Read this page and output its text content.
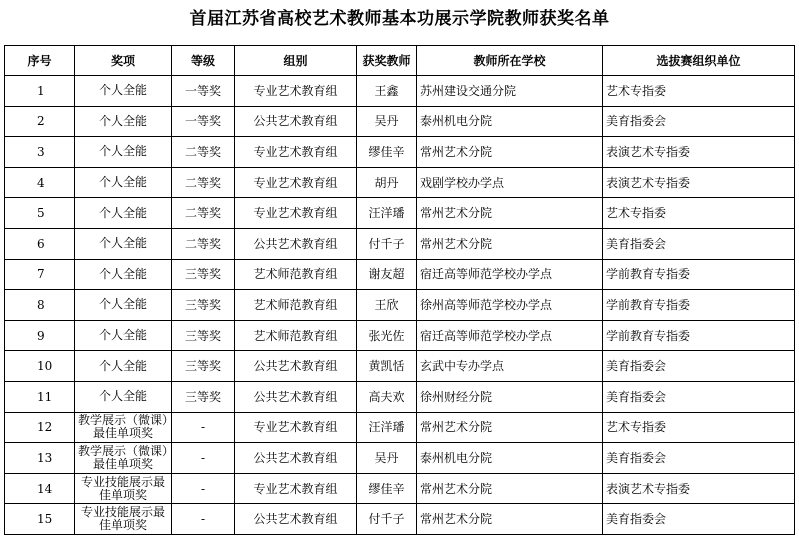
首届江苏省高校艺术教师基本功展示学院教师获奖名单
序号	奖项	等级	组别	获奖教师	教师所在学校	选拔赛组织单位
1	个人全能	一等奖	专业艺术教育组	王鑫	苏州建设交通分院	艺术专指委
2	个人全能	一等奖	公共艺术教育组	吴丹	泰州机电分院	美育指委会
3	个人全能	二等奖	专业艺术教育组	缪佳辛	常州艺术分院	表演艺术专指委
4	个人全能	二等奖	专业艺术教育组	胡丹	戏剧学校办学点	表演艺术专指委
5	个人全能	二等奖	专业艺术教育组	汪洋璠	常州艺术分院	艺术专指委
6	个人全能	二等奖	公共艺术教育组	付千子	常州艺术分院	美育指委会
7	个人全能	三等奖	艺术师范教育组	谢友超	宿迁高等师范学校办学点	学前教育专指委
8	个人全能	三等奖	艺术师范教育组	王欣	徐州高等师范学校办学点	学前教育专指委
9	个人全能	三等奖	艺术师范教育组	张光佐	宿迁高等师范学校办学点	学前教育专指委
10	个人全能	三等奖	公共艺术教育组	黄凯恬	玄武中专办学点	美育指委会
11	个人全能	三等奖	公共艺术教育组	高夫欢	徐州财经分院	美育指委会
12	教学展示（微课）最佳单项奖	-	专业艺术教育组	汪洋璠	常州艺术分院	艺术专指委
13	教学展示（微课）最佳单项奖	-	公共艺术教育组	吴丹	泰州机电分院	美育指委会
14	专业技能展示最佳单项奖	-	专业艺术教育组	缪佳辛	常州艺术分院	表演艺术专指委
15	专业技能展示最佳单项奖	-	公共艺术教育组	付千子	常州艺术分院	美育指委会
